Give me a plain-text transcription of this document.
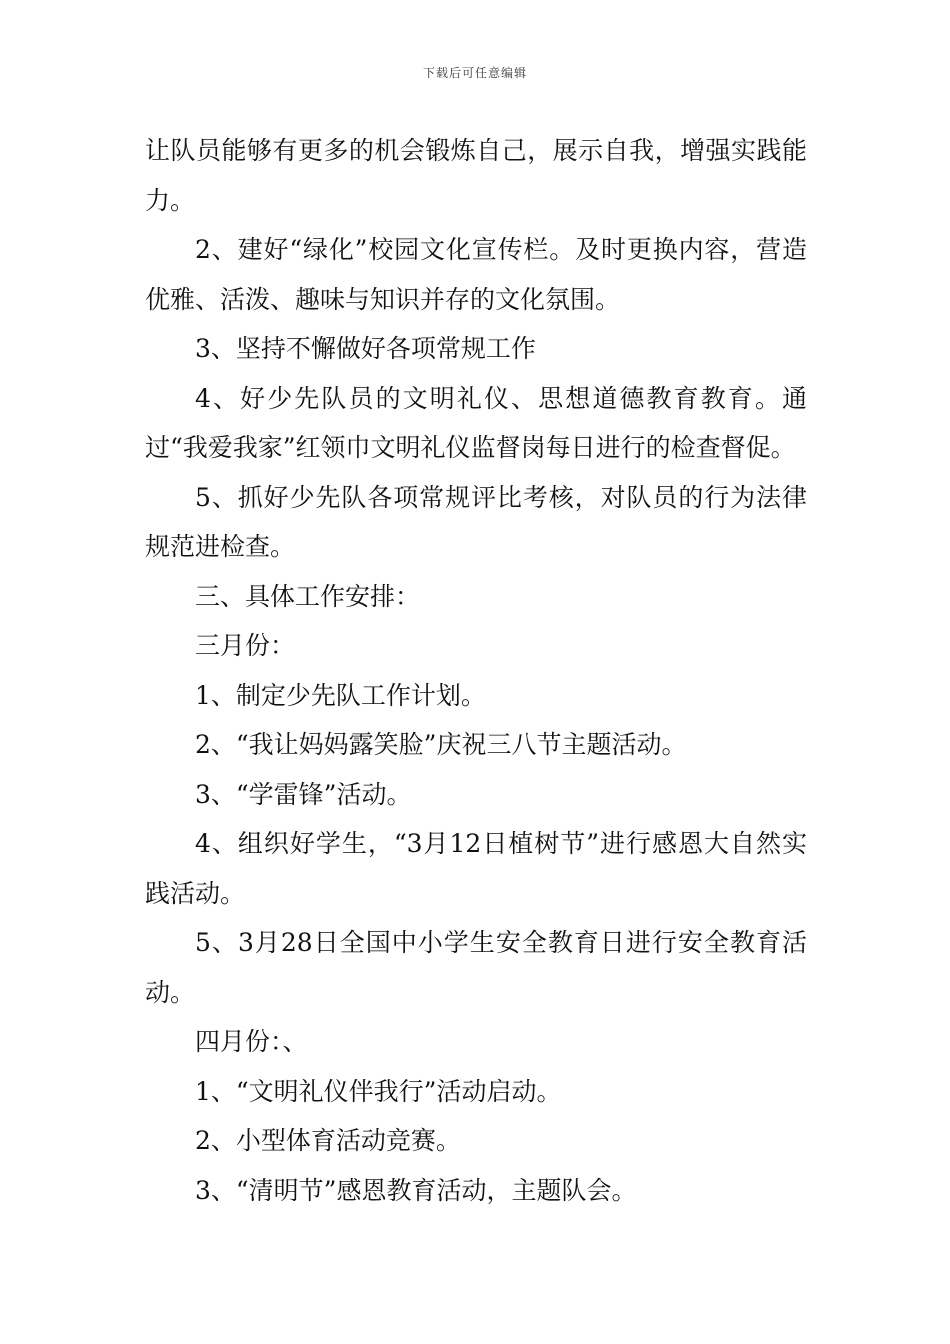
下载后可任意编辑

让队员能够有更多的机会锻炼自己，展示自我，增强实践能力。

2、建好“绿化”校园文化宣传栏。及时更换内容，营造优雅、活泼、趣味与知识并存的文化氛围。

3、坚持不懈做好各项常规工作

4、好少先队员的文明礼仪、思想道德教育教育。通过“我爱我家”红领巾文明礼仪监督岗每日进行的检查督促。

5、抓好少先队各项常规评比考核，对队员的行为法律规范进检查。

三、具体工作安排：

三月份：

1、制定少先队工作计划。

2、“我让妈妈露笑脸”庆祝三八节主题活动。

3、“学雷锋”活动。

4、组织好学生，“3月12日植树节”进行感恩大自然实践活动。

5、3月28日全国中小学生安全教育日进行安全教育活动。

四月份：、

1、“文明礼仪伴我行”活动启动。

2、小型体育活动竞赛。

3、“清明节”感恩教育活动，主题队会。
